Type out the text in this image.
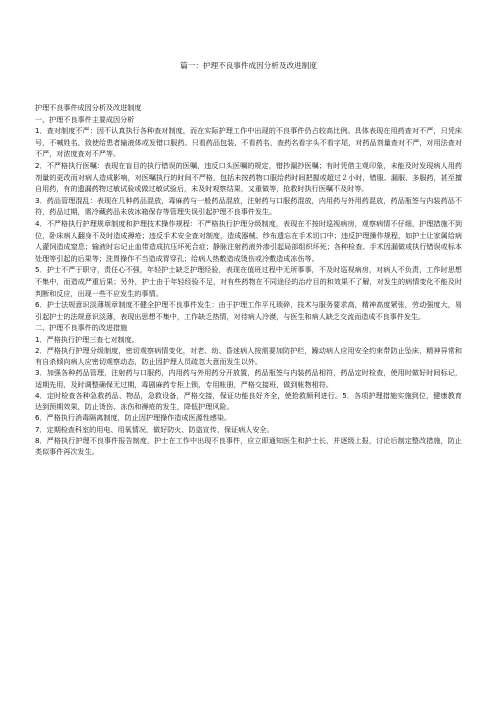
篇一：护理不良事件成因分析及改进制度

护理不良事件成因分析及改进制度

一、护理不良事件主要成因分析

1．查对制度不严：因不认真执行各种查对制度，而在实际护理工作中出现的不良事件仍占较高比例。具体表现在用药查对不严，只凭床号，不喊姓名，致使给患者输液体或发错口服药。只看药品包装，不看药名，查药名看字头不看字尾，对药品剂量查对不严，对用法查对不严，对浓度查对不严等。

2．不严格执行医嘱：表现在盲目的执行错误的医嘱，违反口头医嘱的规定，错抄漏抄医嘱；有时凭借主观印象，未能及时发现病人用药剂量的更改而对病人造成影响，对医嘱执行的时间不严格，包括未按药物口服给药时间把握或超过２小时，错服、漏服、多服药，甚至擅自用药，有的遗漏药物过敏试验或做过敏试验后，未及时观察结果，又重做等，抢救时执行医嘱不及时等。

3．药品管理混乱：表现在几种药品混放，毒麻药与一般药品混放，注射药与口服药混放，内用药与外用药混放，药品瓶签与内装药品不符，药品过期，需冷藏药品未放冰箱保存等管理失误引起护理不良事件发生。

4．不严格执行护理规章制度和护理技术操作规程：不严格执行护理分级制度，表现在不按时巡视病房，观察病情不仔细，护理措施不到位，卧床病人翻身不及时造成褥疮；违反手术安全查对制度，造成器械、纱布遗忘在手术切口中；违反护理操作规程，如护士让家属给病人灌饲造成窒息；输液时忘记止血带造成抗压坏死合症；静脉注射药液外渗引起局部组织坏死；各种检查、手术因漏做或执行错误或标本处理等引起的后果等；洗胃操作不当造成胃穿孔；给病人热敷造成烫伤或冷敷造成冻伤等。

5．护士不严于职守，责任心不强，年轻护士缺乏护理经验，表现在值班过程中无所事事，不及时巡视病房，对病人不负责，工作时思想不集中，而造成严重后果；另外，护士由于年轻经验不足，对有些药物在不同途径的治疗目的和效果不了解，对发生的病情变化不能及时判断和反应，出现一些不应发生的事情。

6．护士法规意识淡薄规章制度不健全护理不良事件发生：由于护理工作平凡琐碎，技术与服务要求高，精神高度紧张，劳动强度大，易引起护士的法规意识淡薄，表现出思想不集中，工作缺乏热情，对待病人冷漠，与医生和病人缺乏交流而造成不良事件发生。

二、护理不良事件的改进措施

1．严格执行护理三查七对制度。

2．严格执行护理分级制度，密切观察病情变化，对老、幼、昏迷病人按需要加防护栏，躁动病人应用安全约束带防止坠床，精神异常和有自杀倾向病人应密切观察动态，防止因护理人员疏忽大意而发生以外。

3．加强各种药品管理，注射药与口服药，内用药与外用药分开放置，药品瓶签与内装药品相符，药品定时检查，使用时做好时间标记，适期先用，及时调整确保无过期，毒剧麻药专柜上锁，专用帐册，严格交接班，做到帐物相符。

4．定时检查各种急救药品、物品，急救设备，严格交接，保证功能良好齐全，使抢救顺利进行。5．各项护理措施实施到位，健康教育达到预期效果，防止烫伤、冻伤和褥疮的发生，降低护理风险。

6．严格执行消毒隔离制度，防止因护理操作造成医源性感染。

7．定期检查科室的用电、用氧情况，做好防火、防盗宣传，保证病人安全。

8．严格执行护理不良事件报告制度，护士在工作中出现不良事件，应立即通知医生和护士长，并逐级上报，讨论后制定整改措施，防止类似事件再次发生。
